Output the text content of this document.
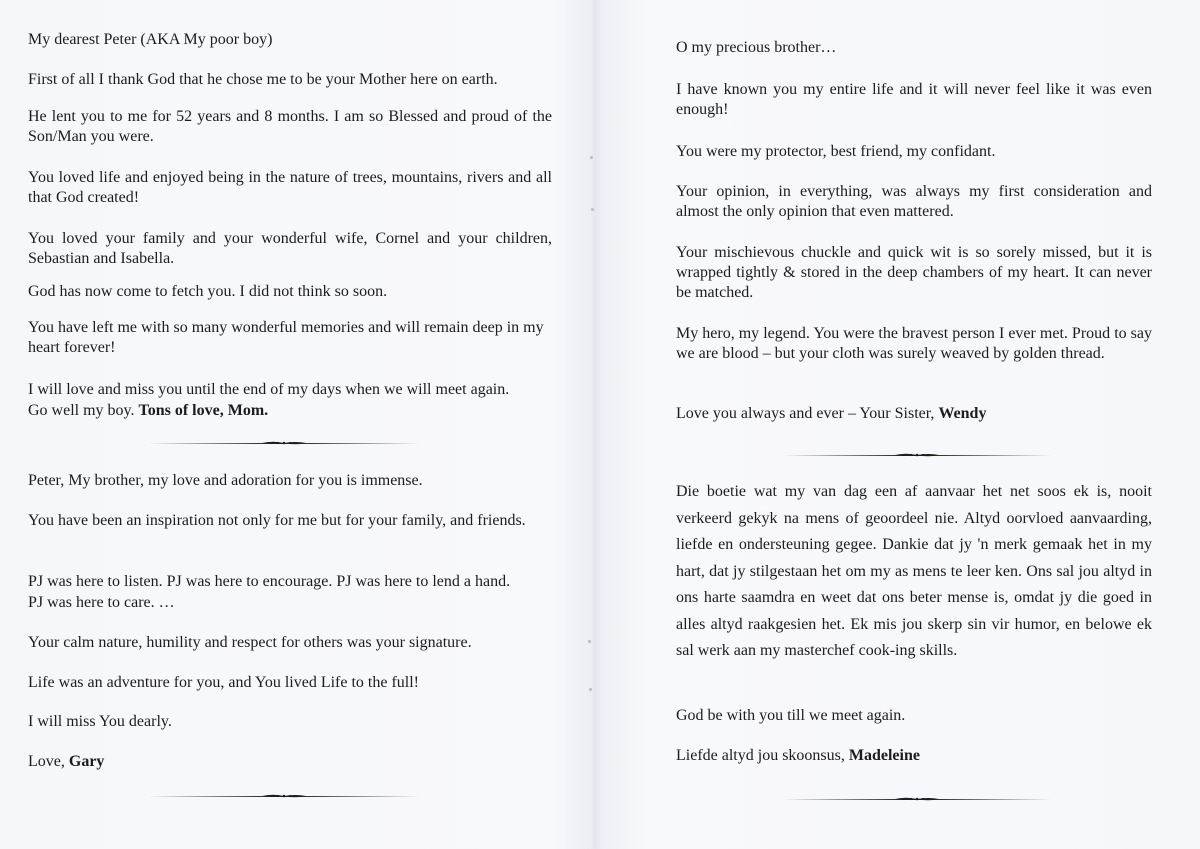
My dearest Peter (AKA My poor boy)

First of all I thank God that he chose me to be your Mother here on earth.

He lent you to me for 52 years and 8 months. I am so Blessed and proud of the Son/Man you were.

You loved life and enjoyed being in the nature of trees, mountains, rivers and all that God created!

You loved your family and your wonderful wife, Cornel and your children, Sebastian and Isabella.

God has now come to fetch you. I did not think so soon.

You have left me with so many wonderful memories and will remain deep in my heart forever!

I will love and miss you until the end of my days when we will meet again.

Go well my boy. Tons of love, Mom.

Peter, My brother, my love and adoration for you is immense.

You have been an inspiration not only for me but for your family, and friends.

PJ was here to listen. PJ was here to encourage. PJ was here to lend a hand.

PJ was here to care. …

Your calm nature, humility and respect for others was your signature.

Life was an adventure for you, and You lived Life to the full!

I will miss You dearly.

Love, Gary

O my precious brother…

I have known you my entire life and it will never feel like it was even enough!

You were my protector, best friend, my confidant.

Your opinion, in everything, was always my first consideration and almost the only opinion that even mattered.

Your mischievous chuckle and quick wit is so sorely missed, but it is wrapped tightly & stored in the deep chambers of my heart. It can never be matched.

My hero, my legend. You were the bravest person I ever met. Proud to say we are blood – but your cloth was surely weaved by golden thread.

Love you always and ever – Your Sister, Wendy

Die boetie wat my van dag een af aanvaar het net soos ek is, nooit verkeerd gekyk na mens of geoordeel nie. Altyd oorvloed aanvaarding, liefde en ondersteuning gegee. Dankie dat jy 'n merk gemaak het in my hart, dat jy stilgestaan het om my as mens te leer ken. Ons sal jou altyd in ons harte saamdra en weet dat ons beter mense is, omdat jy die goed in alles altyd raakgesien het. Ek mis jou skerp sin vir humor, en belowe ek sal werk aan my masterchef cook-ing skills.

God be with you till we meet again.

Liefde altyd jou skoonsus, Madeleine
